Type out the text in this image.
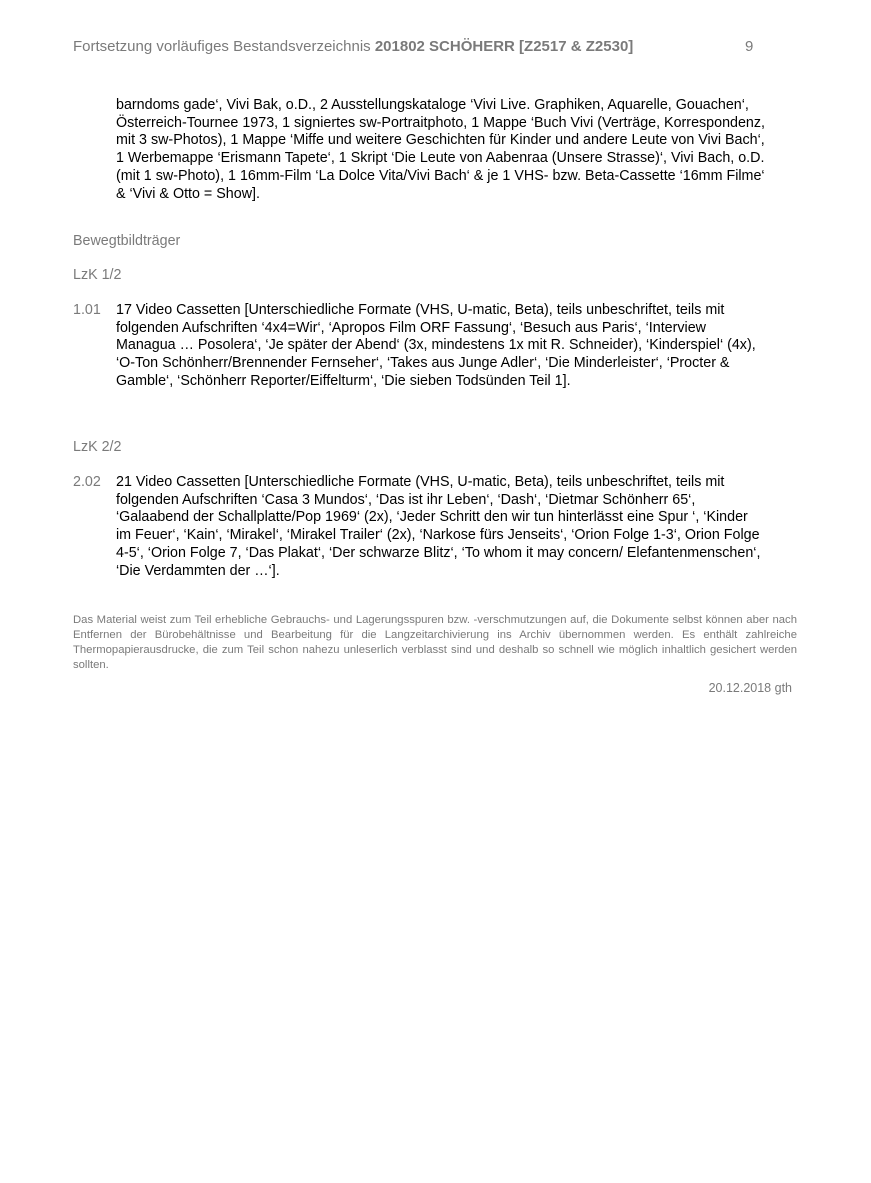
Fortsetzung vorläufiges Bestandsverzeichnis 201802 SCHÖHERR [Z2517 & Z2530]	9
barndoms gade‘, Vivi Bak, o.D., 2 Ausstellungskataloge ‘Vivi Live. Graphiken, Aquarelle, Gouachen‘, Österreich-Tournee 1973, 1 signiertes sw-Portraitphoto, 1 Mappe ‘Buch Vivi (Verträge, Korrespondenz, mit 3 sw-Photos), 1 Mappe ‘Miffe und weitere Geschichten für Kinder und andere Leute von Vivi Bach‘, 1 Werbemappe ‘Erismann Tapete‘, 1 Skript ‘Die Leute von Aabenraa (Unsere Strasse)‘, Vivi Bach, o.D. (mit 1 sw-Photo), 1 16mm-Film ‘La Dolce Vita/Vivi Bach‘ & je 1 VHS- bzw. Beta-Cassette ‘16mm Filme‘ & ‘Vivi & Otto = Show].
Bewegtbildträger
LzK 1/2
1.01 17 Video Cassetten [Unterschiedliche Formate (VHS, U-matic, Beta), teils unbeschriftet, teils mit folgenden Aufschriften ‘4x4=Wir‘, ‘Apropos Film ORF Fassung‘, ‘Besuch aus Paris‘, ‘Interview Managua … Posolera‘, ‘Je später der Abend‘ (3x, mindestens 1x mit R. Schneider), ‘Kinderspiel‘ (4x), ‘O-Ton Schönherr/Brennender Fernseher‘, ‘Takes aus Junge Adler‘, ‘Die Minderleister‘, ‘Procter & Gamble‘, ‘Schönherr Reporter/Eiffelturm‘, ‘Die sieben Todsünden Teil 1].
LzK 2/2
2.02 21 Video Cassetten [Unterschiedliche Formate (VHS, U-matic, Beta), teils unbeschriftet, teils mit folgenden Aufschriften ‘Casa 3 Mundos‘, ‘Das ist ihr Leben‘, ‘Dash‘, ‘Dietmar Schönherr 65‘, ‘Galaabend der Schallplatte/Pop 1969‘ (2x), ‘Jeder Schritt den wir tun hinterlässt eine Spur ‘, ‘Kinder im Feuer‘, ‘Kain‘, ‘Mirakel‘, ‘Mirakel Trailer‘ (2x), ‘Narkose fürs Jenseits‘, ‘Orion Folge 1-3‘, Orion Folge 4-5‘, ‘Orion Folge 7, ‘Das Plakat‘, ‘Der schwarze Blitz‘, ‘To whom it may concern/ Elefantenmenschen‘, ‘Die Verdammten der …‘].
Das Material weist zum Teil erhebliche Gebrauchs- und Lagerungsspuren bzw. -verschmutzungen auf, die Dokumente selbst können aber nach Entfernen der Bürobehältnisse und Bearbeitung für die Langzeitarchivierung ins Archiv übernommen werden. Es enthält zahlreiche Thermopapierausdrucke, die zum Teil schon nahezu unleserlich verblasst sind und deshalb so schnell wie möglich inhaltlich gesichert werden sollten.
20.12.2018 gth
